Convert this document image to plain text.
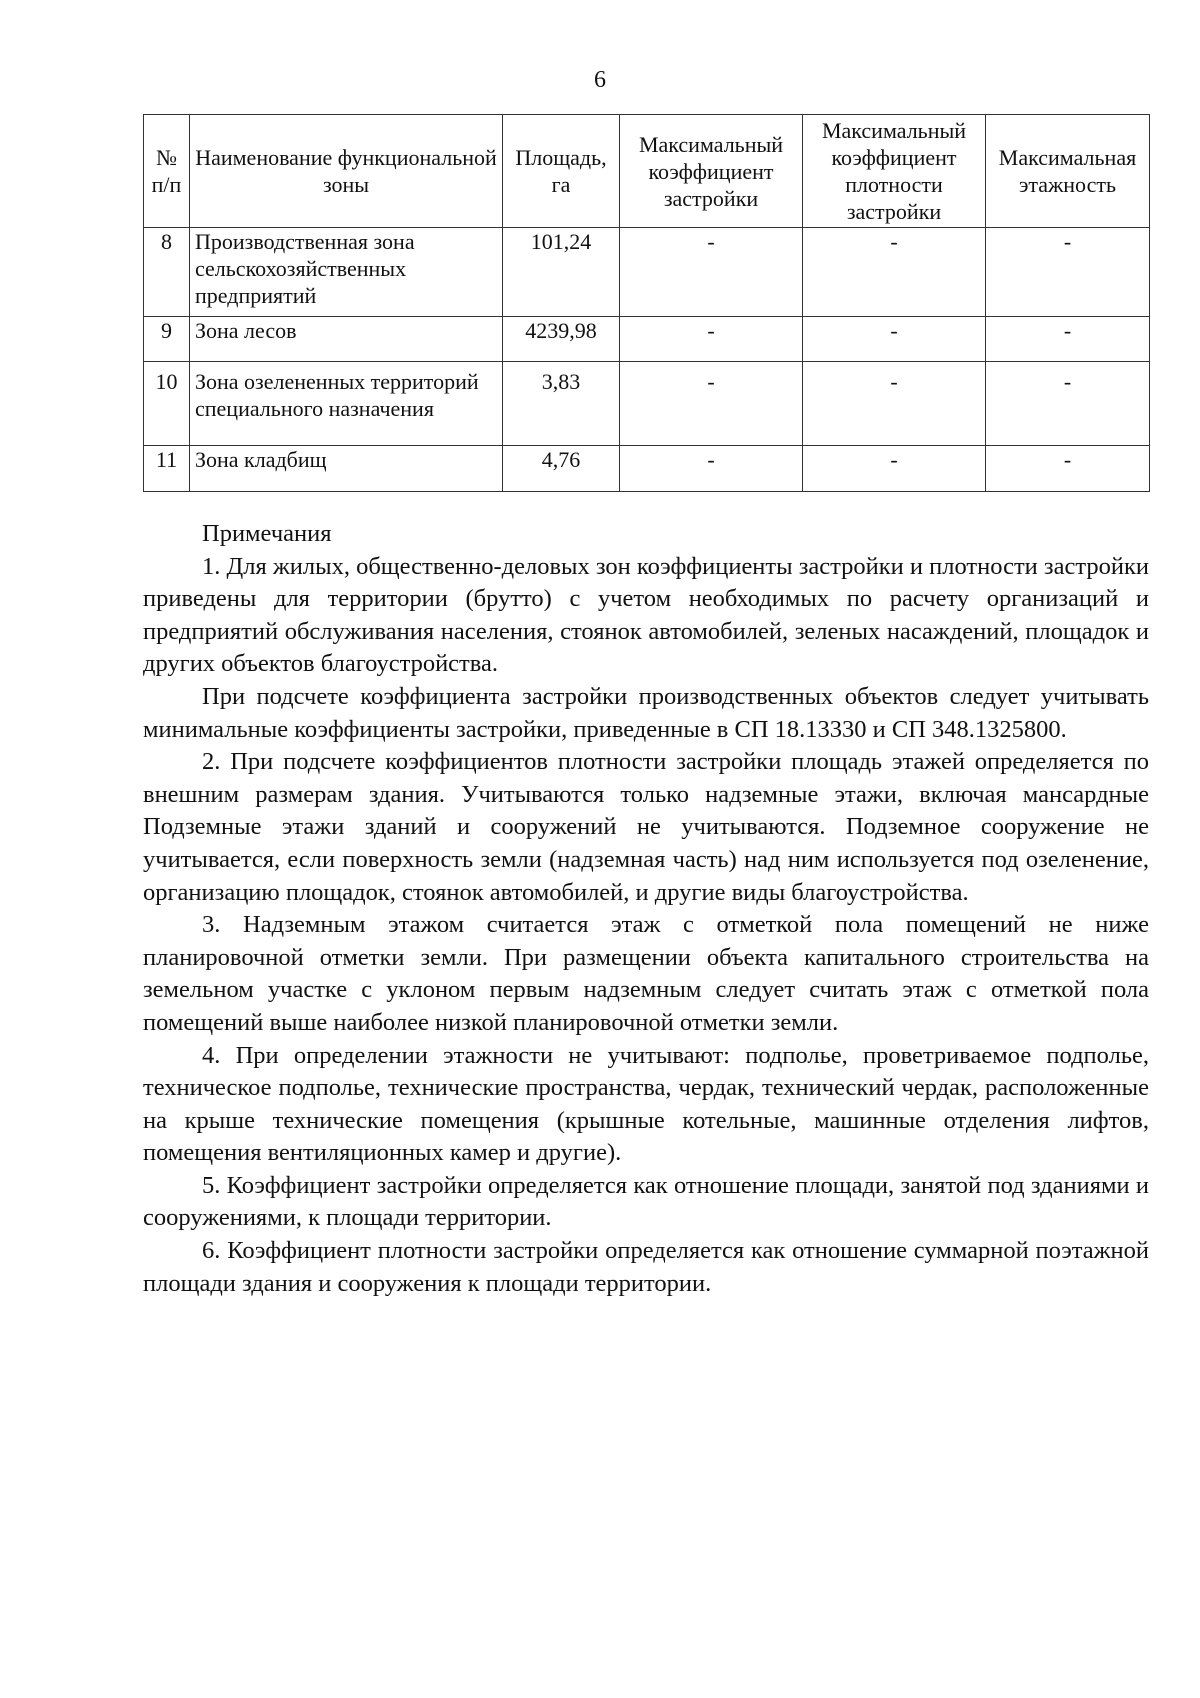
6
№ п/п	Наименование функциональной зоны	Площадь, га	Максимальный коэффициент застройки	Максимальный коэффициент плотности застройки	Максимальная этажность
8	Производственная зона сельскохозяйственных предприятий	101,24	-	-	-
9	Зона лесов	4239,98	-	-	-
10	Зона озелененных территорий специального назначения	3,83	-	-	-
11	Зона кладбищ	4,76	-	-	-
Примечания

1. Для жилых, общественно-деловых зон коэффициенты застройки и плотности застройки приведены для территории (брутто) с учетом необходимых по расчету организаций и предприятий обслуживания населения, стоянок автомобилей, зеленых насаждений, площадок и других объектов благоустройства.

При подсчете коэффициента застройки производственных объектов следует учитывать минимальные коэффициенты застройки, приведенные в СП 18.13330 и СП 348.1325800.

2. При подсчете коэффициентов плотности застройки площадь этажей определяется по внешним размерам здания. Учитываются только надземные этажи, включая мансардные Подземные этажи зданий и сооружений не учитываются. Подземное сооружение не учитывается, если поверхность земли (надземная часть) над ним используется под озеленение, организацию площадок, стоянок автомобилей, и другие виды благоустройства.

3. Надземным этажом считается этаж с отметкой пола помещений не ниже планировочной отметки земли. При размещении объекта капитального строительства на земельном участке с уклоном первым надземным следует считать этаж с отметкой пола помещений выше наиболее низкой планировочной отметки земли.

4. При определении этажности не учитывают: подполье, проветриваемое подполье, техническое подполье, технические пространства, чердак, технический чердак, расположенные на крыше технические помещения (крышные котельные, машинные отделения лифтов, помещения вентиляционных камер и другие).

5. Коэффициент застройки определяется как отношение площади, занятой под зданиями и сооружениями, к площади территории.

6. Коэффициент плотности застройки определяется как отношение суммарной поэтажной площади здания и сооружения к площади территории.
